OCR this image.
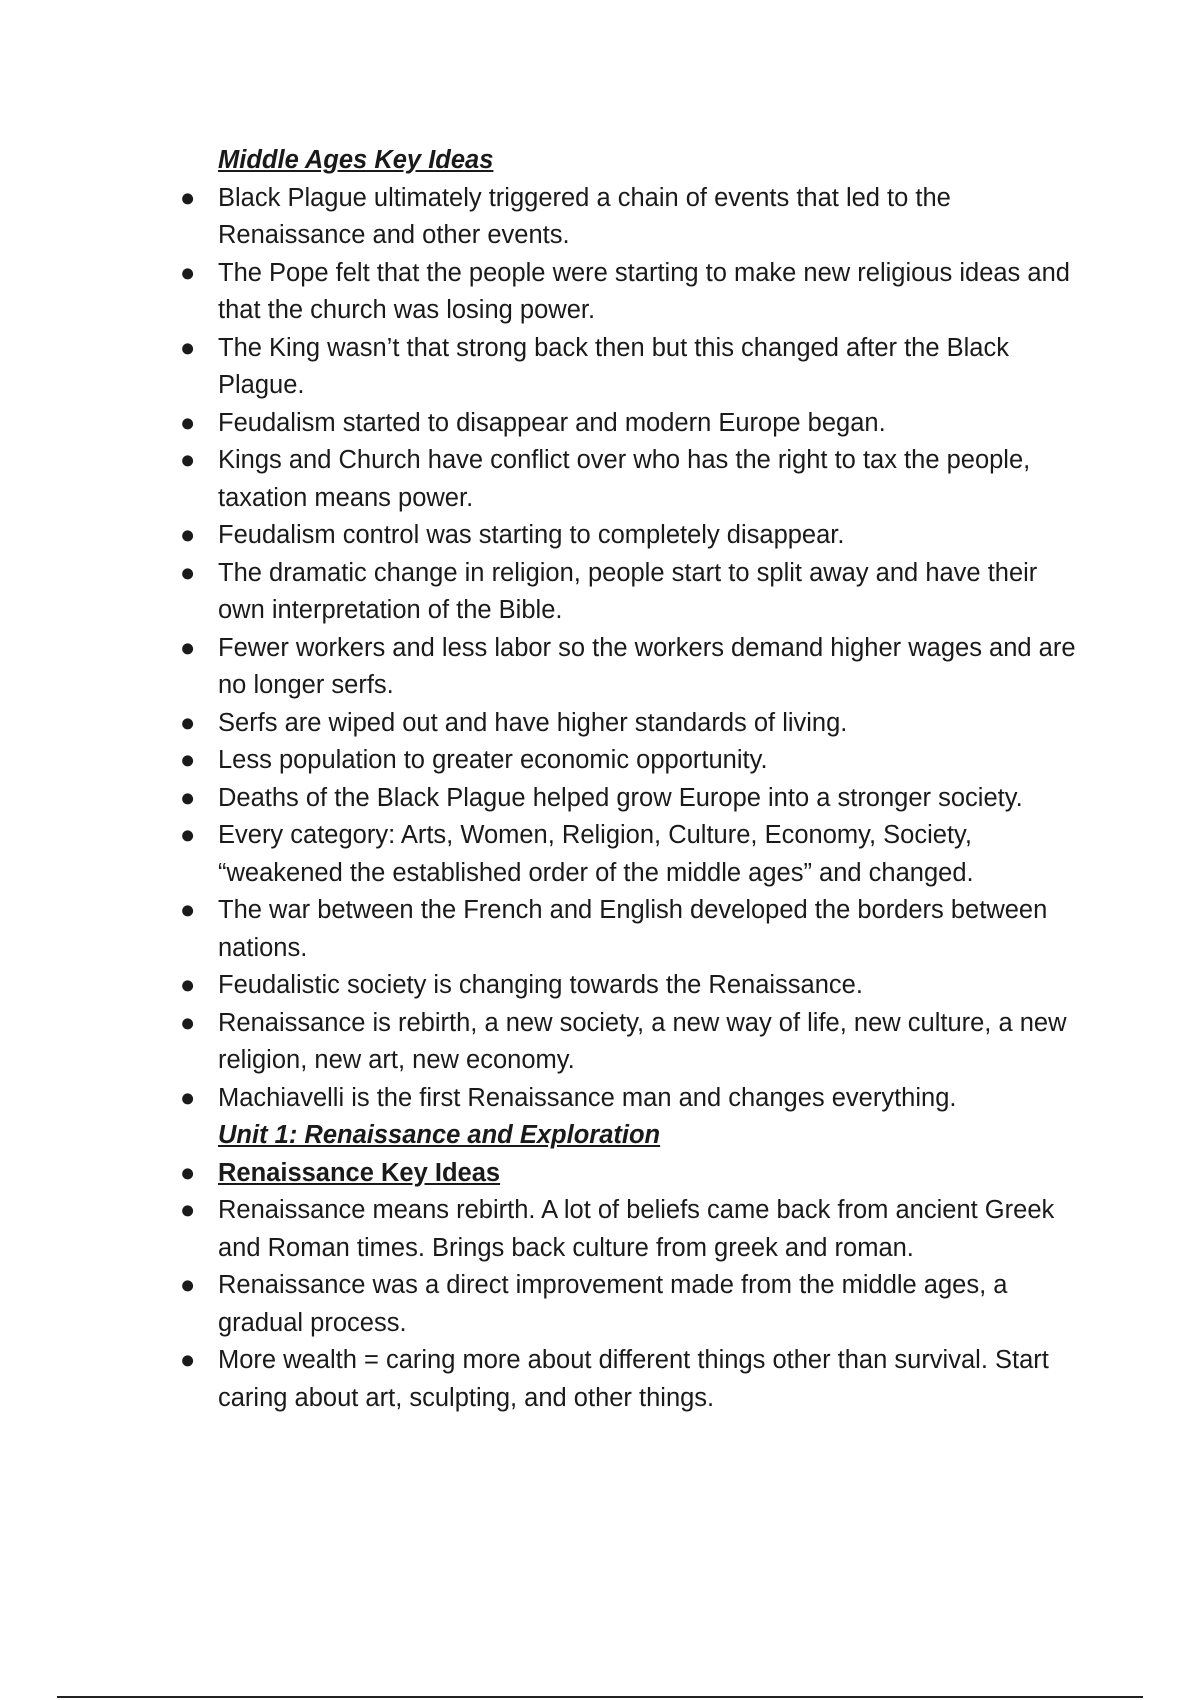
Middle Ages Key Ideas
● Black Plague ultimately triggered a chain of events that led to the Renaissance and other events.
● The Pope felt that the people were starting to make new religious ideas and that the church was losing power.
● The King wasn’t that strong back then but this changed after the Black Plague.
● Feudalism started to disappear and modern Europe began.
● Kings and Church have conflict over who has the right to tax the people, taxation means power.
● Feudalism control was starting to completely disappear.
● The dramatic change in religion, people start to split away and have their own interpretation of the Bible.
● Fewer workers and less labor so the workers demand higher wages and are no longer serfs.
● Serfs are wiped out and have higher standards of living.
● Less population to greater economic opportunity.
● Deaths of the Black Plague helped grow Europe into a stronger society.
● Every category: Arts, Women, Religion, Culture, Economy, Society, “weakened the established order of the middle ages” and changed.
● The war between the French and English developed the borders between nations.
● Feudalistic society is changing towards the Renaissance.
● Renaissance is rebirth, a new society, a new way of life, new culture, a new religion, new art, new economy.
● Machiavelli is the first Renaissance man and changes everything.
Unit 1: Renaissance and Exploration
● Renaissance Key Ideas
● Renaissance means rebirth. A lot of beliefs came back from ancient Greek and Roman times. Brings back culture from greek and roman.
● Renaissance was a direct improvement made from the middle ages, a gradual process.
● More wealth = caring more about different things other than survival. Start caring about art, sculpting, and other things.
